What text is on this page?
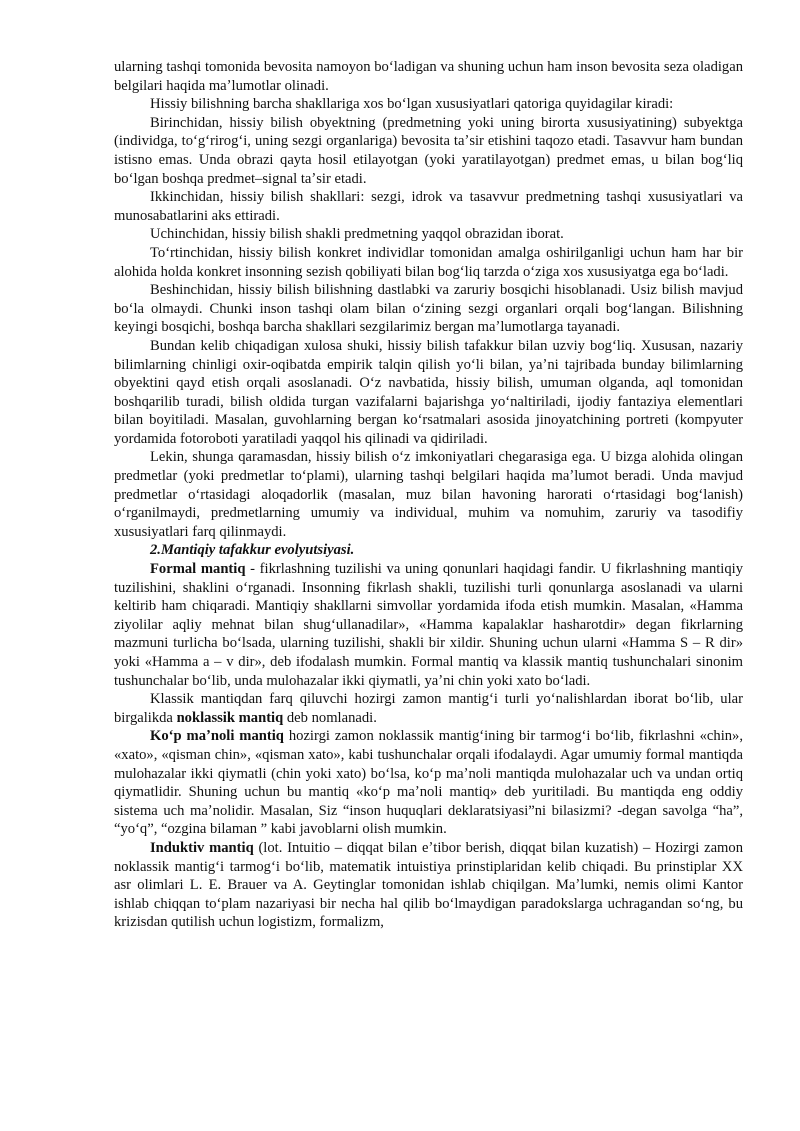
ularning tashqi tomonida bevosita namoyon boʻladigan va shuning uchun ham inson bevosita seza oladigan belgilari haqida maʼlumotlar olinadi.

Hissiy bilishning barcha shakllariga xos boʻlgan xususiyatlari qatoriga quyidagilar kiradi:

Birinchidan, hissiy bilish obyektning (predmetning yoki uning birorta xususiyatining) subyektga (individga, toʻgʻrirogʻi, uning sezgi organlariga) bevosita taʼsir etishini taqozo etadi. Tasavvur ham bundan istisno emas. Unda obrazi qayta hosil etilayotgan (yoki yaratilayotgan) predmet emas, u bilan bogʻliq boʻlgan boshqa predmet–signal taʼsir etadi.

Ikkinchidan, hissiy bilish shakllari: sezgi, idrok va tasavvur predmetning tashqi xususiyatlari va munosabatlarini aks ettiradi.

Uchinchidan, hissiy bilish shakli predmetning yaqqol obrazidan iborat.

Toʻrtinchidan, hissiy bilish konkret individlar tomonidan amalga oshirilganligi uchun ham har bir alohida holda konkret insonning sezish qobiliyati bilan bogʻliq tarzda oʻziga xos xususiyatga ega boʻladi.

Beshinchidan, hissiy bilish bilishning dastlabki va zaruriy bosqichi hisoblanadi. Usiz bilish mavjud boʻla olmaydi. Chunki inson tashqi olam bilan oʻzining sezgi organlari orqali bogʻlangan. Bilishning keyingi bosqichi, boshqa barcha shakllari sezgilarimiz bergan maʼlumotlarga tayanadi.

Bundan kelib chiqadigan xulosa shuki, hissiy bilish tafakkur bilan uzviy bogʻliq. Xususan, nazariy bilimlarning chinligi oxir-oqibatda empirik talqin qilish yoʻli bilan, yaʼni tajribada bunday bilimlarning obyektini qayd etish orqali asoslanadi. Oʻz navbatida, hissiy bilish, umuman olganda, aql tomonidan boshqarilib turadi, bilish oldida turgan vazifalarni bajarishga yoʻnaltiriladi, ijodiy fantaziya elementlari bilan boyitiladi. Masalan, guvohlarning bergan koʻrsatmalari asosida jinoyatchining portreti (kompyuter yordamida fotoroboti yaratiladi yaqqol his qilinadi va qidiriladi.

Lekin, shunga qaramasdan, hissiy bilish oʻz imkoniyatlari chegarasiga ega. U bizga alohida olingan predmetlar (yoki predmetlar toʻplami), ularning tashqi belgilari haqida maʼlumot beradi. Unda mavjud predmetlar oʻrtasidagi aloqadorlik (masalan, muz bilan havoning harorati oʻrtasidagi bogʻlanish) oʻrganilmaydi, predmetlarning umumiy va individual, muhim va nomuhim, zaruriy va tasodifiy xususiyatlari farq qilinmaydi.

2.Mantiqiy tafakkur evolyutsiyasi.

Formal mantiq - fikrlashning tuzilishi va uning qonunlari haqidagi fandir. U fikrlashning mantiqiy tuzilishini, shaklini oʻrganadi. Insonning fikrlash shakli, tuzilishi turli qonunlarga asoslanadi va ularni keltirib ham chiqaradi. Mantiqiy shakllarni simvollar yordamida ifoda etish mumkin. Masalan, «Hamma ziyolilar aqliy mehnat bilan shugʻullanadilar», «Hamma kapalaklar hasharotdir» degan fikrlarning mazmuni turlicha boʻlsada, ularning tuzilishi, shakli bir xildir. Shuning uchun ularni «Hamma S – R dir» yoki «Hamma a – v dir», deb ifodalash mumkin. Formal mantiq va klassik mantiq tushunchalari sinonim tushunchalar boʻlib, unda mulohazalar ikki qiymatli, yaʼni chin yoki xato boʻladi.

Klassik mantiqdan farq qiluvchi hozirgi zamon mantigʻi turli yoʻnalishlardan iborat boʻlib, ular birgalikda noklassik mantiq deb nomlanadi.

Koʻp maʼnoli mantiq hozirgi zamon noklassik mantigʻining bir tarmogʻi boʻlib, fikrlashni «chin», «xato», «qisman chin», «qisman xato», kabi tushunchalar orqali ifodalaydi. Agar umumiy formal mantiqda mulohazalar ikki qiymatli (chin yoki xato) boʻlsa, koʻp maʼnoli mantiqda mulohazalar uch va undan ortiq qiymatlidir. Shuning uchun bu mantiq «koʻp maʼnoli mantiq» deb yuritiladi. Bu mantiqda eng oddiy sistema uch maʼnolidir. Masalan, Siz “inson huquqlari deklaratsiyasi”ni bilasizmi? -degan savolga “ha”, “yoʻq”, “ozgina bilaman ” kabi javoblarni olish mumkin.

Induktiv mantiq (lot. Intuitio – diqqat bilan eʼtibor berish, diqqat bilan kuzatish) – Hozirgi zamon noklassik mantigʻi tarmogʻi boʻlib, matematik intuistiya prinstiplaridan kelib chiqadi. Bu prinstiplar XX asr olimlari L. E. Brauer va A. Geytinglar tomonidan ishlab chiqilgan. Maʼlumki, nemis olimi Kantor ishlab chiqqan toʻplam nazariyasi bir necha hal qilib boʻlmaydigan paradokslarga uchragandan soʻng, bu krizisdan qutilish uchun logistizm, formalizm,
